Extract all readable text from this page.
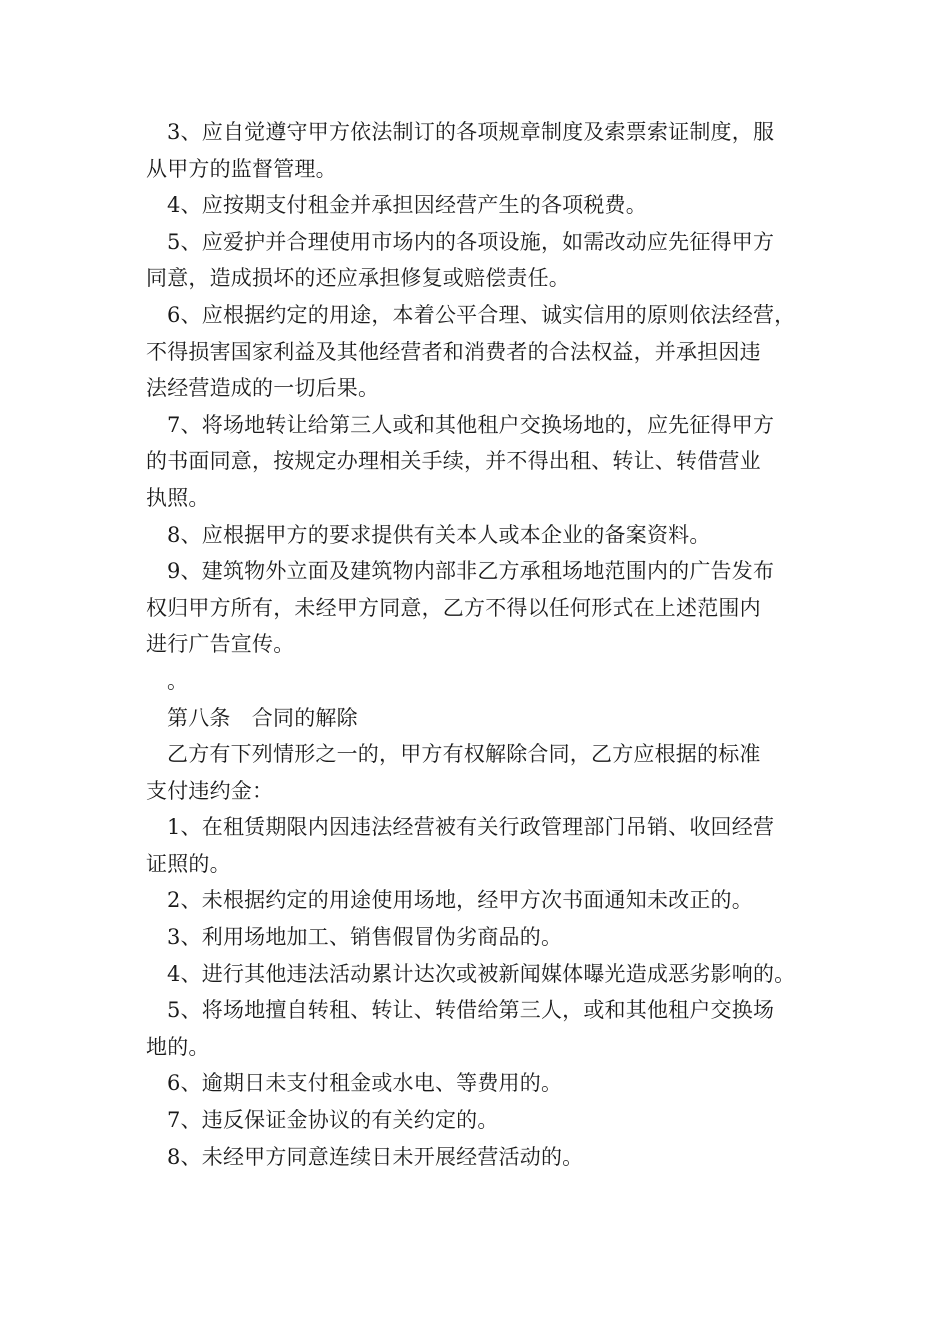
3、应自觉遵守甲方依法制订的各项规章制度及索票索证制度，服
从甲方的监督管理。
4、应按期支付租金并承担因经营产生的各项税费。
5、应爱护并合理使用市场内的各项设施，如需改动应先征得甲方
同意，造成损坏的还应承担修复或赔偿责任。
6、应根据约定的用途，本着公平合理、诚实信用的原则依法经营，
不得损害国家利益及其他经营者和消费者的合法权益，并承担因违
法经营造成的一切后果。
7、将场地转让给第三人或和其他租户交换场地的，应先征得甲方
的书面同意，按规定办理相关手续，并不得出租、转让、转借营业
执照。
8、应根据甲方的要求提供有关本人或本企业的备案资料。
9、建筑物外立面及建筑物内部非乙方承租场地范围内的广告发布
权归甲方所有，未经甲方同意，乙方不得以任何形式在上述范围内
进行广告宣传。
。
第八条　合同的解除
乙方有下列情形之一的，甲方有权解除合同，乙方应根据的标准
支付违约金：
1、在租赁期限内因违法经营被有关行政管理部门吊销、收回经营
证照的。
2、未根据约定的用途使用场地，经甲方次书面通知未改正的。
3、利用场地加工、销售假冒伪劣商品的。
4、进行其他违法活动累计达次或被新闻媒体曝光造成恶劣影响的。
5、将场地擅自转租、转让、转借给第三人，或和其他租户交换场
地的。
6、逾期日未支付租金或水电、等费用的。
7、违反保证金协议的有关约定的。
8、未经甲方同意连续日未开展经营活动的。
